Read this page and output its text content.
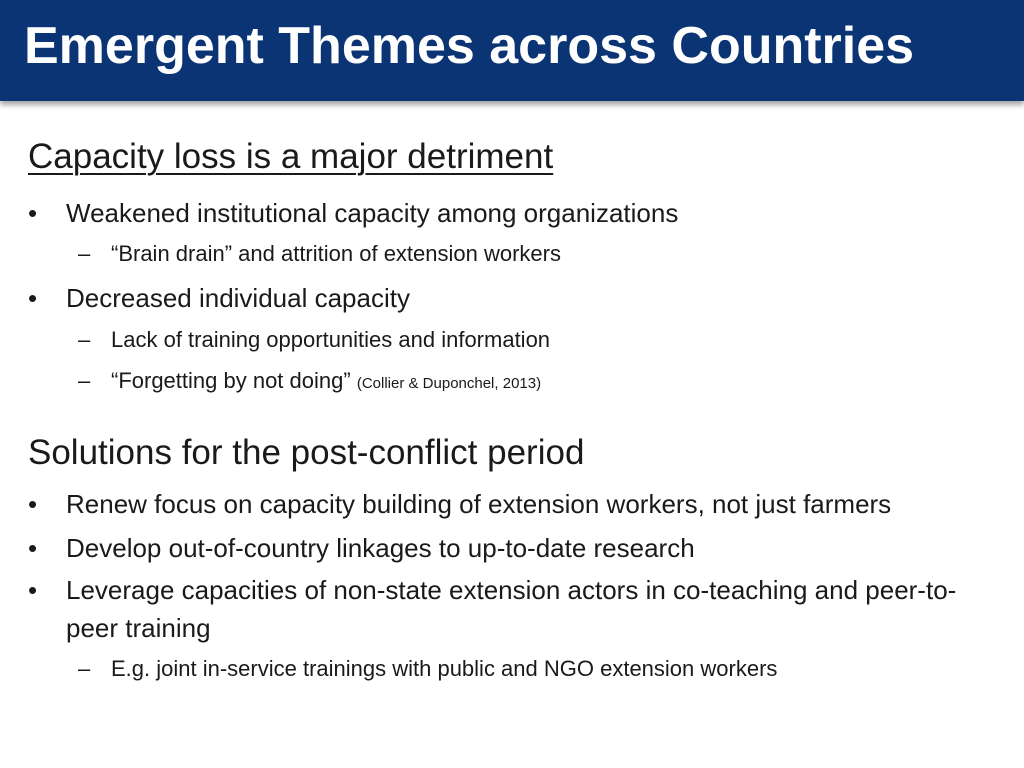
Emergent Themes across Countries
Capacity loss is a major detriment
•	Weakened institutional capacity among organizations
– “Brain drain” and attrition of extension workers
•	Decreased individual capacity
– Lack of training opportunities and information
– “Forgetting by not doing” (Collier & Duponchel, 2013)
Solutions for the post-conflict period
•	Renew focus on capacity building of extension workers, not just farmers
•	Develop out-of-country linkages to up-to-date research
•	Leverage capacities of non-state extension actors in co-teaching and peer-to-peer training
– E.g. joint in-service trainings with public and NGO extension workers
